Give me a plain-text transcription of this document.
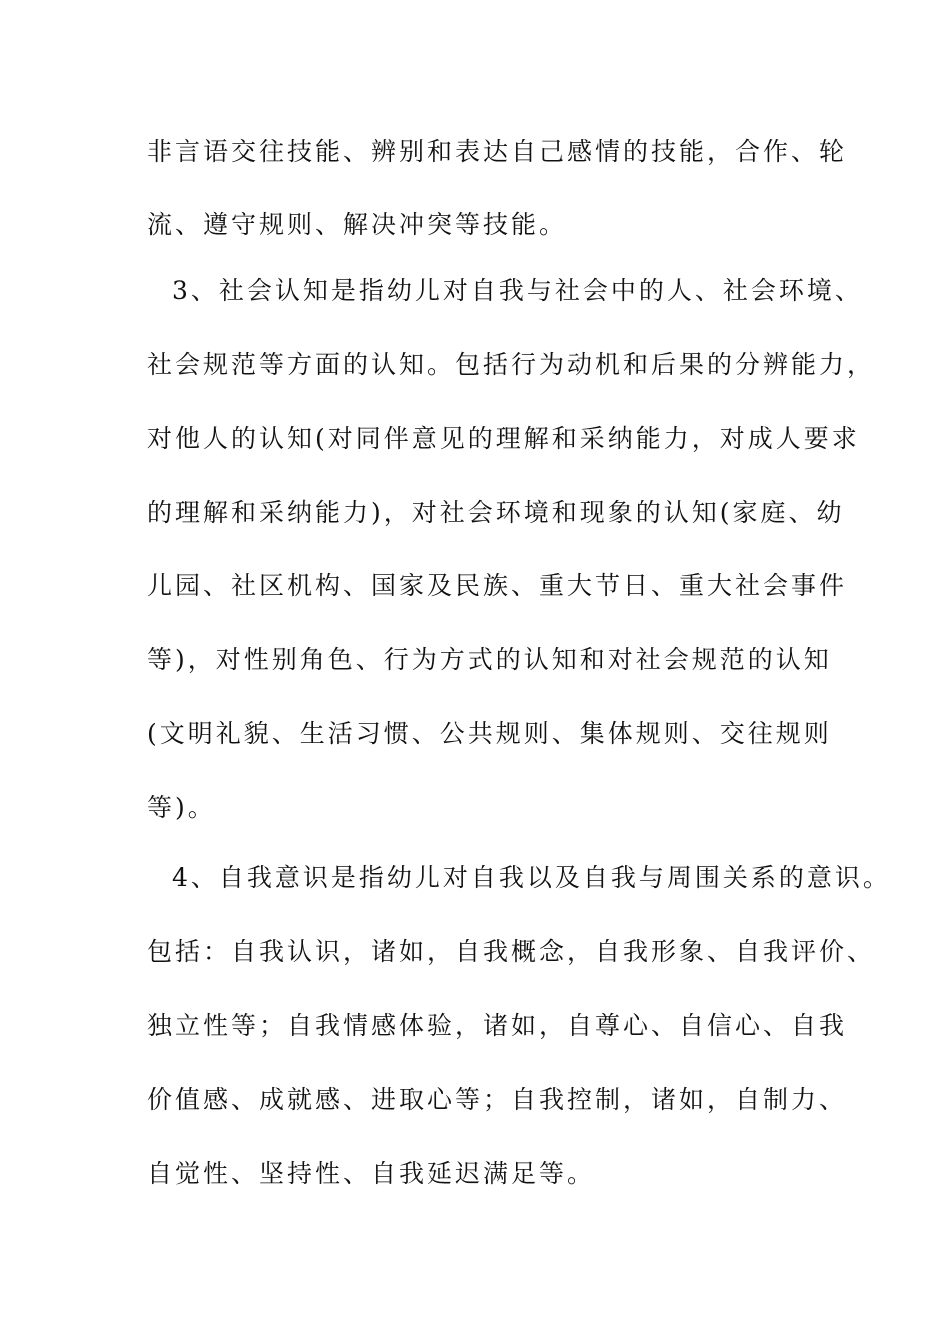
非言语交往技能、辨别和表达自己感情的技能，合作、轮
流、遵守规则、解决冲突等技能。
3、社会认知是指幼儿对自我与社会中的人、社会环境、
社会规范等方面的认知。包括行为动机和后果的分辨能力，
对他人的认知(对同伴意见的理解和采纳能力，对成人要求
的理解和采纳能力)，对社会环境和现象的认知(家庭、幼
儿园、社区机构、国家及民族、重大节日、重大社会事件
等)，对性别角色、行为方式的认知和对社会规范的认知
(文明礼貌、生活习惯、公共规则、集体规则、交往规则
等)。
4、自我意识是指幼儿对自我以及自我与周围关系的意识。
包括：自我认识，诸如，自我概念，自我形象、自我评价、
独立性等；自我情感体验，诸如，自尊心、自信心、自我
价值感、成就感、进取心等；自我控制，诸如，自制力、
自觉性、坚持性、自我延迟满足等。
